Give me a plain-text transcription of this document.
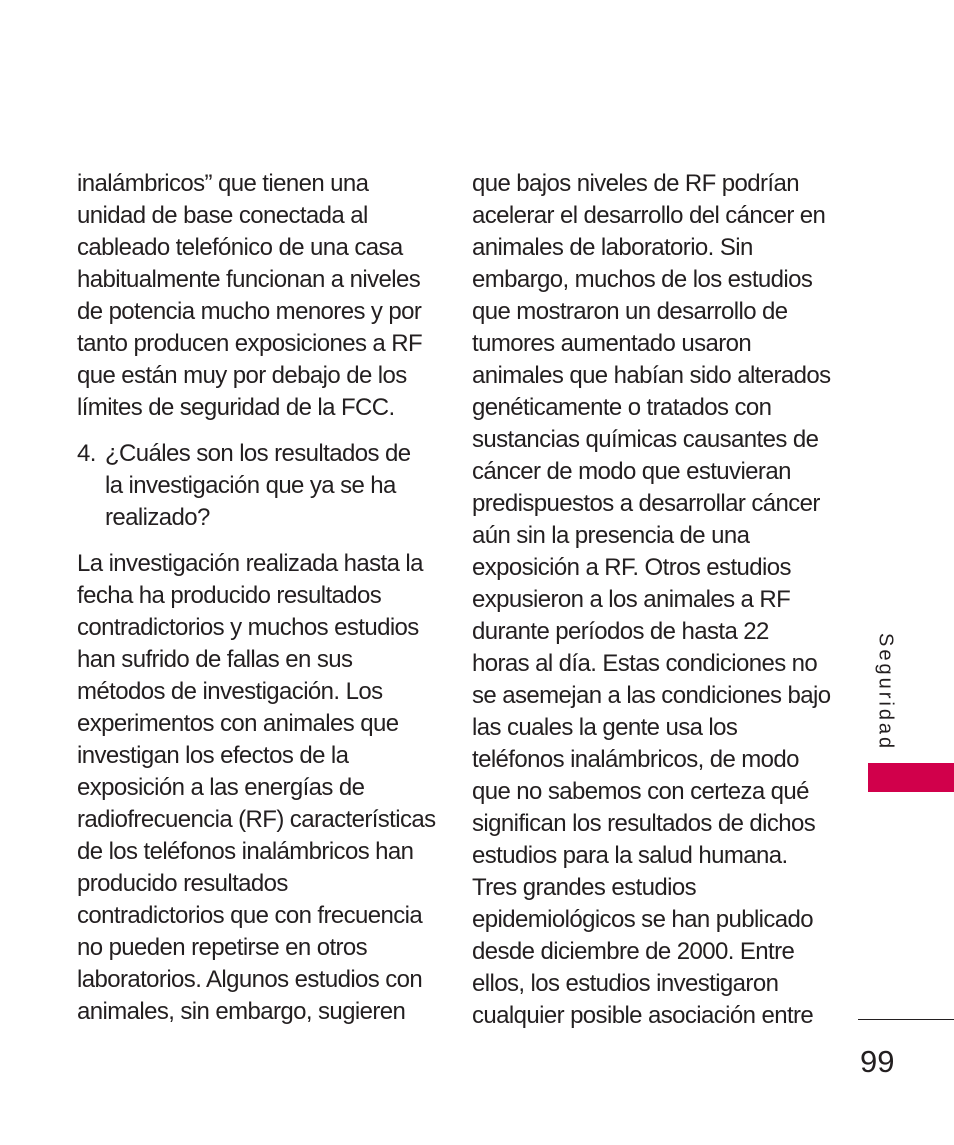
inalámbricos” que tienen una
unidad de base conectada al
cableado telefónico de una casa
habitualmente funcionan a niveles
de potencia mucho menores y por
tanto producen exposiciones a RF
que están muy por debajo de los
límites de seguridad de la FCC.
4. ¿Cuáles son los resultados de
la investigación que ya se ha
realizado?
La investigación realizada hasta la
fecha ha producido resultados
contradictorios y muchos estudios
han sufrido de fallas en sus
métodos de investigación. Los
experimentos con animales que
investigan los efectos de la
exposición a las energías de
radiofrecuencia (RF) características
de los teléfonos inalámbricos han
producido resultados
contradictorios que con frecuencia
no pueden repetirse en otros
laboratorios. Algunos estudios con
animales, sin embargo, sugieren
que bajos niveles de RF podrían
acelerar el desarrollo del cáncer en
animales de laboratorio. Sin
embargo, muchos de los estudios
que mostraron un desarrollo de
tumores aumentado usaron
animales que habían sido alterados
genéticamente o tratados con
sustancias químicas causantes de
cáncer de modo que estuvieran
predispuestos a desarrollar cáncer
aún sin la presencia de una
exposición a RF. Otros estudios
expusieron a los animales a RF
durante períodos de hasta 22
horas al día. Estas condiciones no
se asemejan a las condiciones bajo
las cuales la gente usa los
teléfonos inalámbricos, de modo
que no sabemos con certeza qué
significan los resultados de dichos
estudios para la salud humana.
Tres grandes estudios
epidemiológicos se han publicado
desde diciembre de 2000. Entre
ellos, los estudios investigaron
cualquier posible asociación entre
Seguridad
99
